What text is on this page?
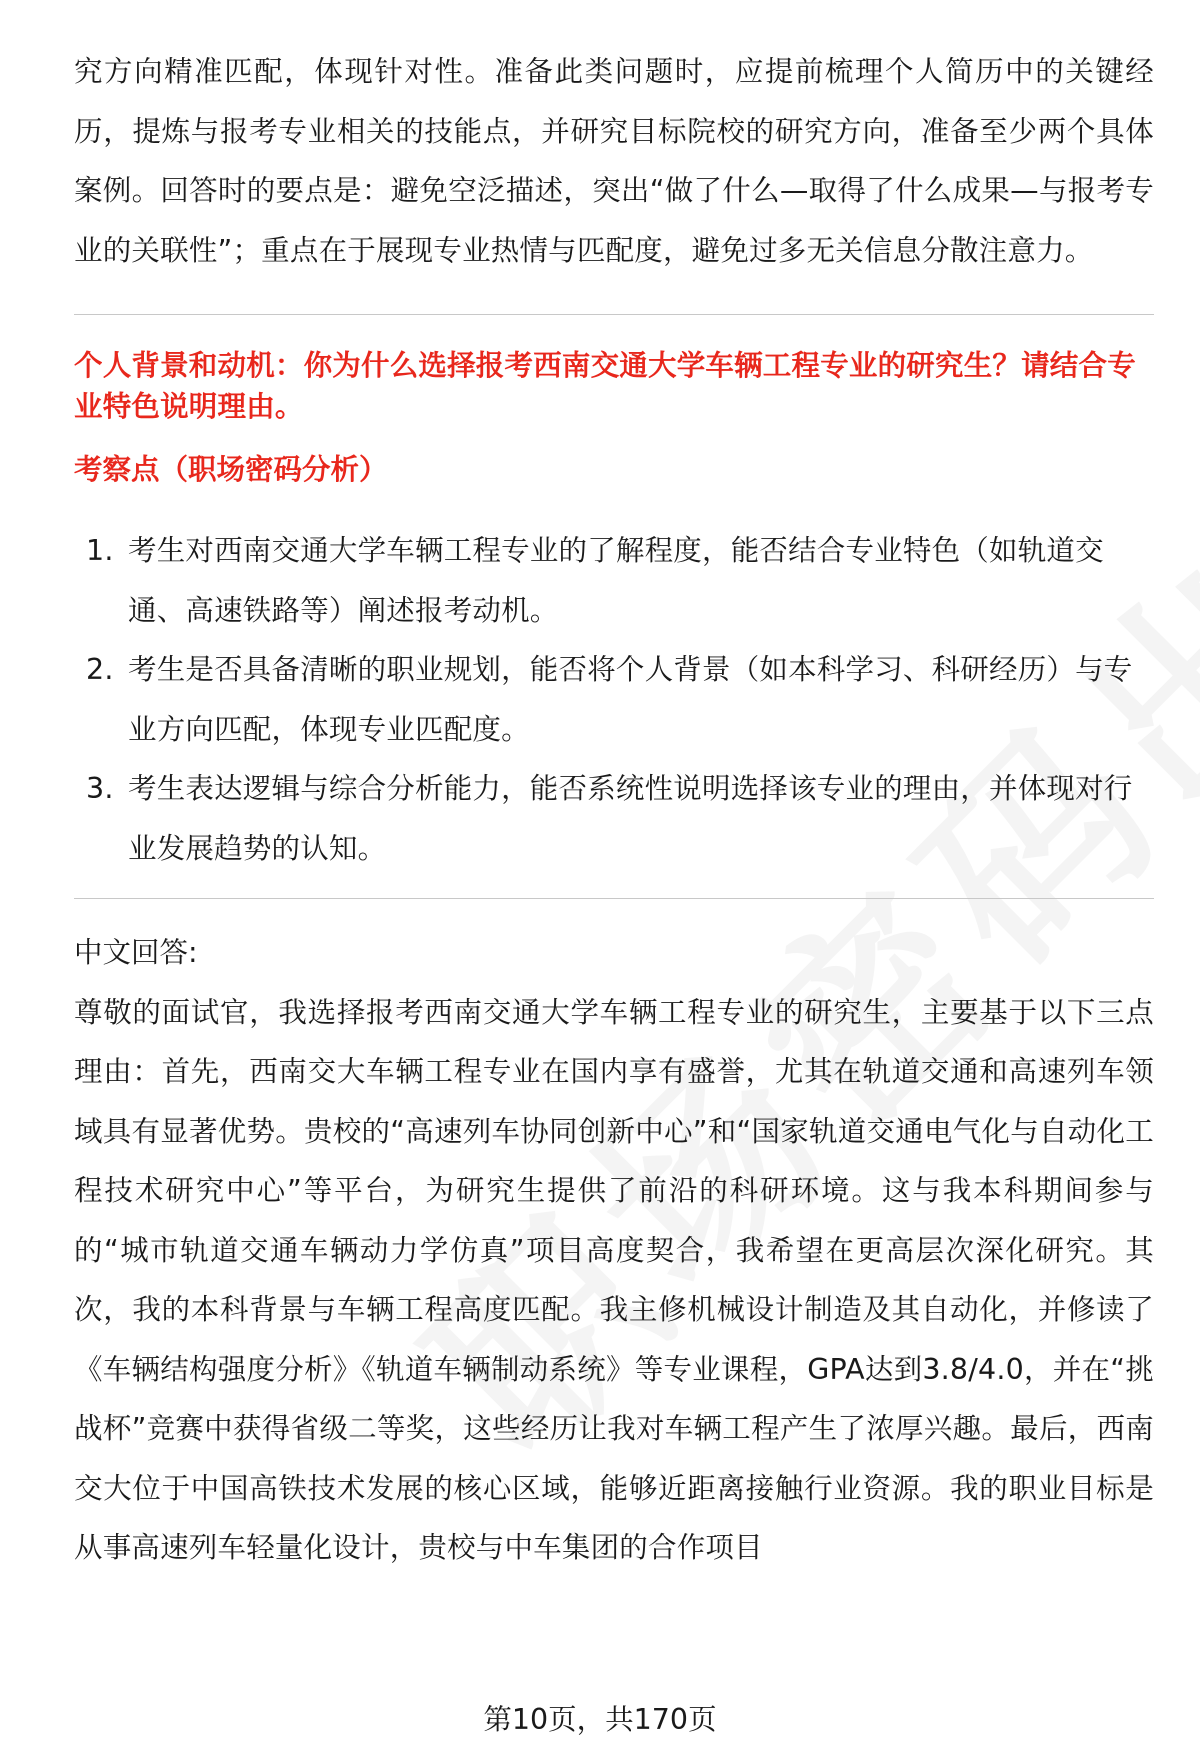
究方向精准匹配，体现针对性。准备此类问题时，应提前梳理个人简历中的关键经历，提炼与报考专业相关的技能点，并研究目标院校的研究方向，准备至少两个具体案例。回答时的要点是：避免空泛描述，突出“做了什么—取得了什么成果—与报考专业的关联性”；重点在于展现专业热情与匹配度，避免过多无关信息分散注意力。

个人背景和动机：你为什么选择报考西南交通大学车辆工程专业的研究生？请结合专业特色说明理由。

考察点（职场密码分析）

1. 考生对西南交通大学车辆工程专业的了解程度，能否结合专业特色（如轨道交通、高速铁路等）阐述报考动机。
2. 考生是否具备清晰的职业规划，能否将个人背景（如本科学习、科研经历）与专业方向匹配，体现专业匹配度。
3. 考生表达逻辑与综合分析能力，能否系统性说明选择该专业的理由，并体现对行业发展趋势的认知。

中文回答:

尊敬的面试官，我选择报考西南交通大学车辆工程专业的研究生，主要基于以下三点理由：首先，西南交大车辆工程专业在国内享有盛誉，尤其在轨道交通和高速列车领域具有显著优势。贵校的“高速列车协同创新中心”和“国家轨道交通电气化与自动化工程技术研究中心”等平台，为研究生提供了前沿的科研环境。这与我本科期间参与的“城市轨道交通车辆动力学仿真”项目高度契合，我希望在更高层次深化研究。其次，我的本科背景与车辆工程高度匹配。我主修机械设计制造及其自动化，并修读了《车辆结构强度分析》《轨道车辆制动系统》等专业课程，GPA达到3.8/4.0，并在“挑战杯”竞赛中获得省级二等奖，这些经历让我对车辆工程产生了浓厚兴趣。最后，西南交大位于中国高铁技术发展的核心区域，能够近距离接触行业资源。我的职业目标是从事高速列车轻量化设计，贵校与中车集团的合作项目

第10页，共170页
